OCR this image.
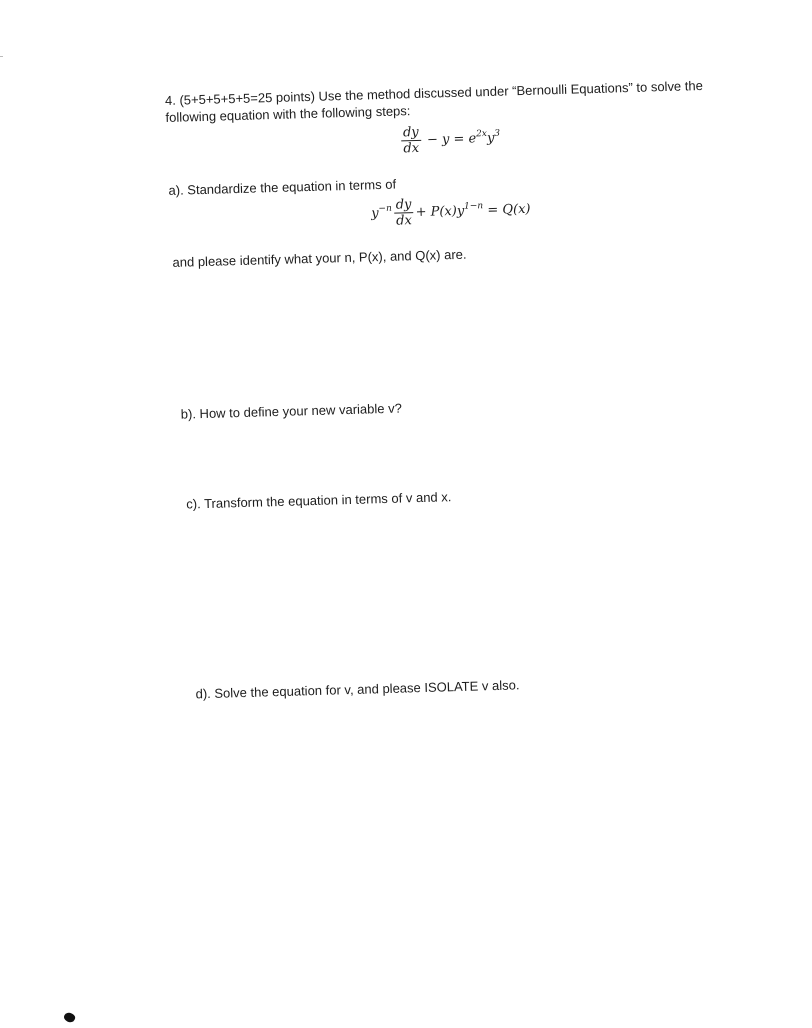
4. (5+5+5+5+5=25 points) Use the method discussed under “Bernoulli Equations” to solve the
following equation with the following steps:
$\frac{dy}{dx} - y = e^{2x}y^3$
a). Standardize the equation in terms of
$y^{-n} \frac{dy}{dx} + P(x)y^{1-n} = Q(x)$
and please identify what your n, P(x), and Q(x) are.
b). How to define your new variable v?
c). Transform the equation in terms of v and x.
d). Solve the equation for v, and please ISOLATE v also.
